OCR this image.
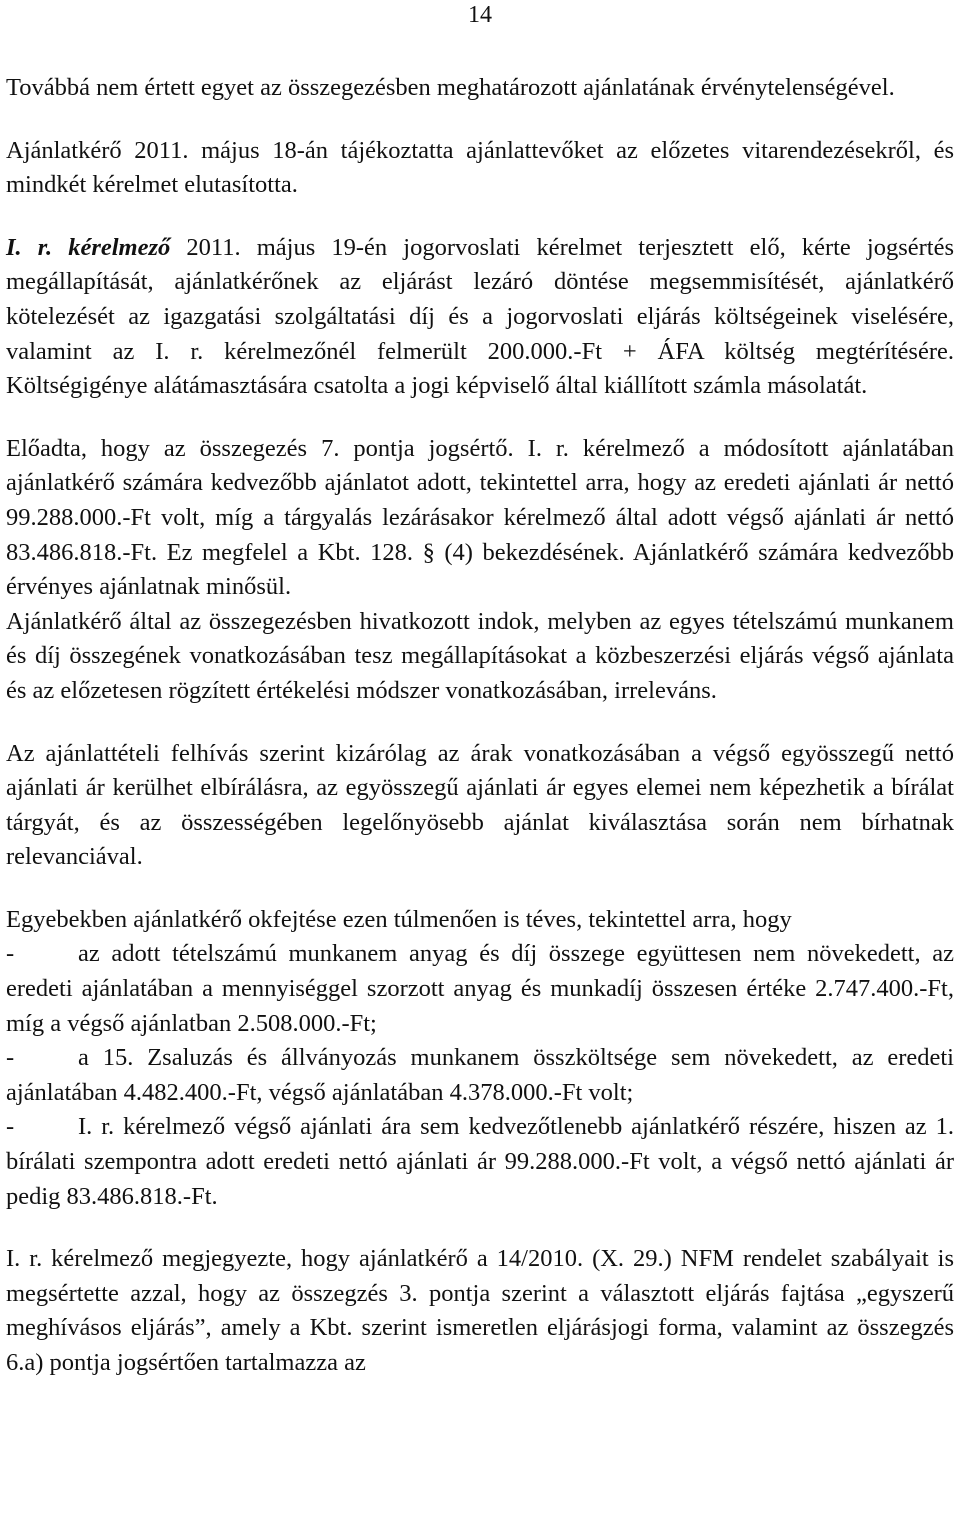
14

Továbbá nem értett egyet az összegezésben meghatározott ajánlatának érvénytelenségével.

Ajánlatkérő 2011. május 18-án tájékoztatta ajánlattevőket az előzetes vitarendezésekről, és mindkét kérelmet elutasította.

I. r. kérelmező 2011. május 19-én jogorvoslati kérelmet terjesztett elő, kérte jogsértés megállapítását, ajánlatkérőnek az eljárást lezáró döntése megsemmisítését, ajánlatkérő kötelezését az igazgatási szolgáltatási díj és a jogorvoslati eljárás költségeinek viselésére, valamint az I. r. kérelmezőnél felmerült 200.000.-Ft + ÁFA költség megtérítésére. Költségigénye alátámasztására csatolta a jogi képviselő által kiállított számla másolatát.

Előadta, hogy az összegezés 7. pontja jogsértő. I. r. kérelmező a módosított ajánlatában ajánlatkérő számára kedvezőbb ajánlatot adott, tekintettel arra, hogy az eredeti ajánlati ár nettó 99.288.000.-Ft volt, míg a tárgyalás lezárásakor kérelmező által adott végső ajánlati ár nettó 83.486.818.-Ft. Ez megfelel a Kbt. 128. § (4) bekezdésének. Ajánlatkérő számára kedvezőbb érvényes ajánlatnak minősül.

Ajánlatkérő által az összegezésben hivatkozott indok, melyben az egyes tételszámú munkanem és díj összegének vonatkozásában tesz megállapításokat a közbeszerzési eljárás végső ajánlata és az előzetesen rögzített értékelési módszer vonatkozásában, irreleváns.

Az ajánlattételi felhívás szerint kizárólag az árak vonatkozásában a végső egyösszegű nettó ajánlati ár kerülhet elbírálásra, az egyösszegű ajánlati ár egyes elemei nem képezhetik a bírálat tárgyát, és az összességében legelőnyösebb ajánlat kiválasztása során nem bírhatnak relevanciával.

Egyebekben ajánlatkérő okfejtése ezen túlmenően is téves, tekintettel arra, hogy

-	az adott tételszámú munkanem anyag és díj összege együttesen nem növekedett, az eredeti ajánlatában a mennyiséggel szorzott anyag és munkadíj összesen értéke 2.747.400.-Ft, míg a végső ajánlatban 2.508.000.-Ft;

-	a 15. Zsaluzás és állványozás munkanem összköltsége sem növekedett, az eredeti ajánlatában 4.482.400.-Ft, végső ajánlatában 4.378.000.-Ft volt;

-	I. r. kérelmező végső ajánlati ára sem kedvezőtlenebb ajánlatkérő részére, hiszen az 1. bírálati szempontra adott eredeti nettó ajánlati ár 99.288.000.-Ft volt, a végső nettó ajánlati ár pedig 83.486.818.-Ft.

I. r. kérelmező megjegyezte, hogy ajánlatkérő a 14/2010. (X. 29.) NFM rendelet szabályait is megsértette azzal, hogy az összegzés 3. pontja szerint a választott eljárás fajtása „egyszerű meghívásos eljárás”, amely a Kbt. szerint ismeretlen eljárásjogi forma, valamint az összegzés 6.a) pontja jogsértően tartalmazza az
